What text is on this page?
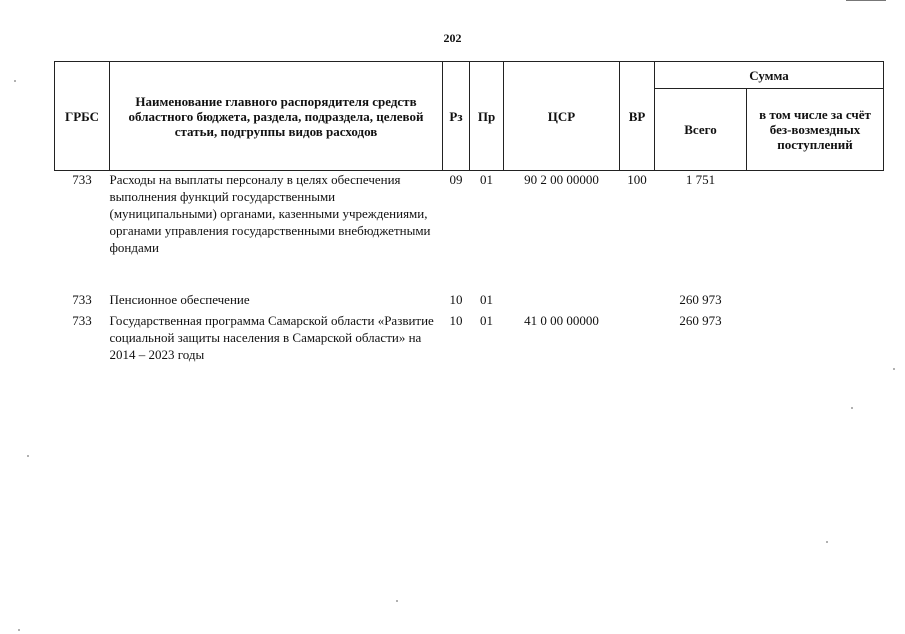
202
ГРБС	Наименование главного распорядителя средств областного бюджета, раздела, подраздела, целевой статьи, подгруппы видов расходов	Рз	Пр	ЦСР	ВР	Сумма	
						Всего	в том числе за счёт без-возмездных поступлений
733	Расходы на выплаты персоналу в целях обеспечения выполнения функций государственными (муниципальными) органами, казенными учреждениями, органами управления государственными внебюджетными фондами	09	01	90 2 00 00000	100	1 751	
733	Пенсионное обеспечение	10	01			260 973	
733	Государственная программа Самарской области «Развитие социальной защиты населения в Самарской области» на 2014 – 2023 годы	10	01	41 0 00 00000		260 973	
